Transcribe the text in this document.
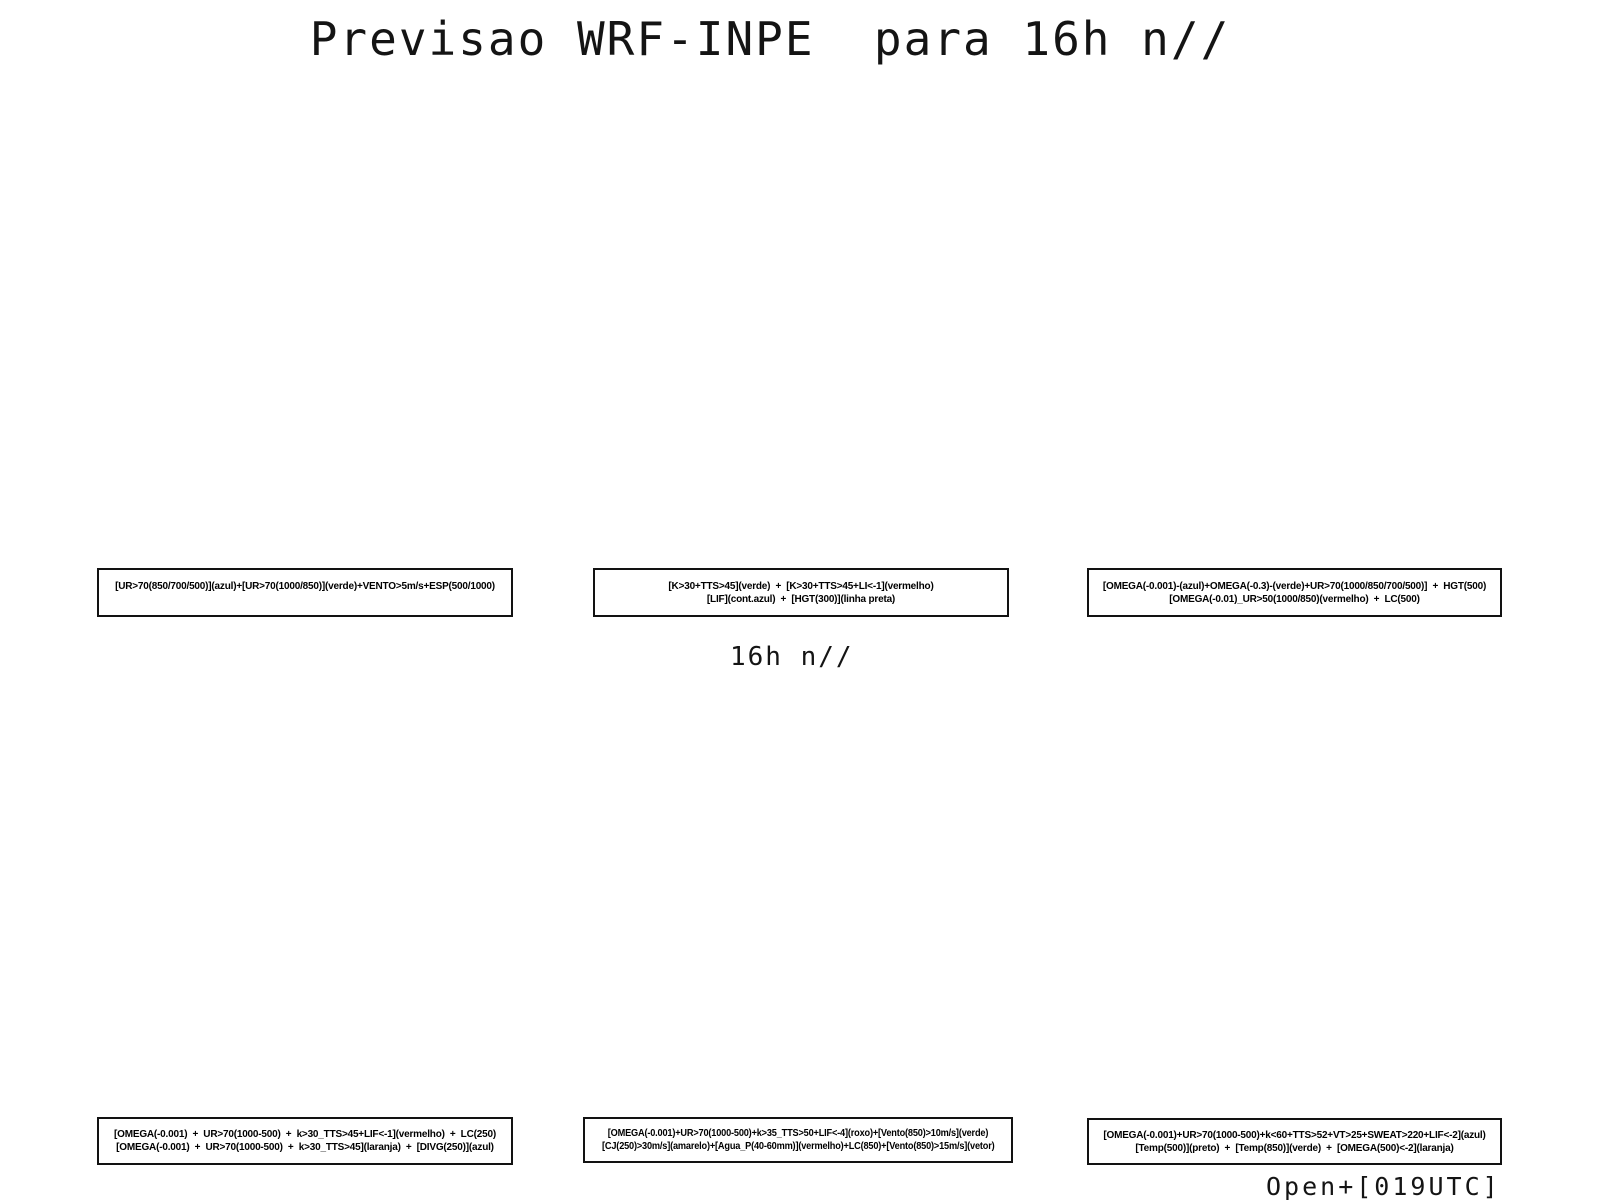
Previsao WRF-INPE  para 16h n//
[UR>70(850/700/500)](azul)+[UR>70(1000/850)](verde)+VENTO>5m/s+ESP(500/1000)	[K>30+TTS>45](verde)  +  [K>30+TTS>45+LI<-1](vermelho)
[LIF](cont.azul)  +  [HGT(300)](linha preta)
[OMEGA(-0.001)-(azul)+OMEGA(-0.3)-(verde)+UR>70(1000/850/700/500)]  +  HGT(500)
[OMEGA(-0.01)_UR>50(1000/850)(vermelho)  +  LC(500)
16h n//
[OMEGA(-0.001)  +  UR>70(1000-500)  +  k>30_TTS>45+LIF<-1](vermelho)  +  LC(250)
[OMEGA(-0.001)  +  UR>70(1000-500)  +  k>30_TTS>45](laranja)  +  [DIVG(250)](azul)
[OMEGA(-0.001)+UR>70(1000-500)+k>35_TTS>50+LIF<-4](roxo)+[Vento(850)>10m/s](verde)
[CJ(250)>30m/s](amarelo)+[Agua_P(40-60mm)](vermelho)+LC(850)+[Vento(850)>15m/s](vetor)
[OMEGA(-0.001)+UR>70(1000-500)+k<60+TTS>52+VT>25+SWEAT>220+LIF<-2](azul)
[Temp(500)](preto)  +  [Temp(850)](verde)  +  [OMEGA(500)<-2](laranja)
Open+[019UTC]
